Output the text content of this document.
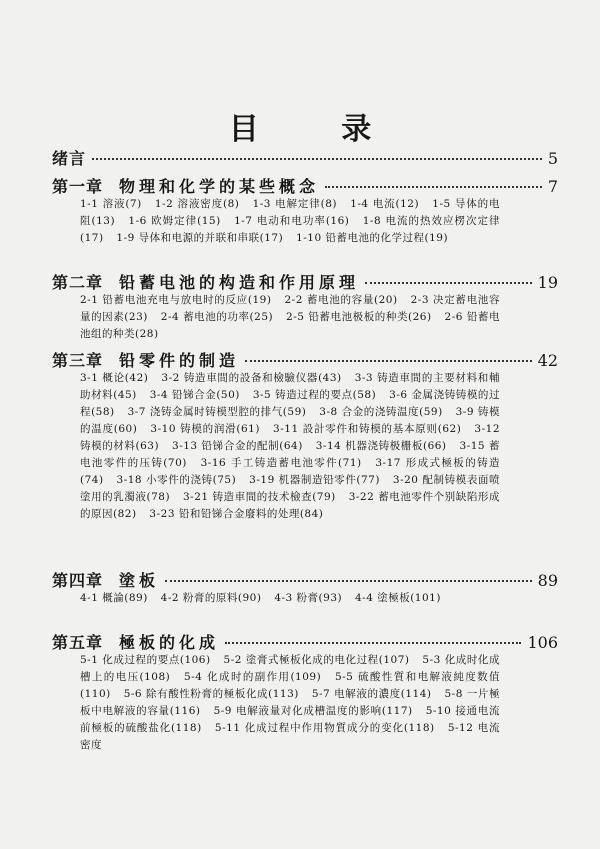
目 录
绪言	5
第一章 物理和化学的某些概念	7
1-1 溶液(7) 1-2 溶液密度(8) 1-3 电解定律(8) 1-4 电流(12) 1-5 导体的电阻(13) 1-6 欧姆定律(15) 1-7 电动和电功率(16) 1-8 电流的热效应楞次定律(17) 1-9 导体和电源的并联和串联(17) 1-10 铅蓄电池的化学过程(19)
第二章 铅蓄电池的构造和作用原理	19
2-1 铅蓄电池充电与放电时的反应(19) 2-2 蓄电池的容量(20) 2-3 决定蓄电池容量的因素(23) 2-4 蓄电池的功率(25) 2-5 铅蓄电池极板的种类(26) 2-6 铅蓄电池组的种类(28)
第三章 铅零件的制造	42
3-1 概论(42) 3-2 铸造車間的設备和檢驗仪器(43) 3-3 铸造車間的主要材料和輔助材料(45) 3-4 铅锑合金(50) 3-5 铸造过程的要点(58) 3-6 金属浇铸铸模的过程(58) 3-7 浇铸金属时铸模型腔的排气(59) 3-8 合金的浇铸温度(59) 3-9 铸模的温度(60) 3-10 铸模的润滑(61) 3-11 設計零件和铸模的基本原则(62) 3-12 铸模的材料(63) 3-13 铅锑合金的配制(64) 3-14 机器浇铸极栅板(66) 3-15 蓄电池零件的压铸(70) 3-16 手工铸造蓄电池零件(71) 3-17 形成式極板的铸造(74) 3-18 小零件的浇铸(75) 3-19 机器制造铅零件(77) 3-20 配制铸模表面喷塗用的乳濁液(78) 3-21 铸造車間的技术檢查(79) 3-22 蓄电池零件个别缺陷形成的原因(82) 3-23 铅和铅锑合金廢料的处理(84)
第四章 塗板	89
4-1 概論(89) 4-2 粉膏的原料(90) 4-3 粉膏(93) 4-4 塗極板(101)
第五章 極板的化成	106
5-1 化成过程的要点(106) 5-2 塗膏式極板化成的电化过程(107) 5-3 化成时化成槽上的电压(108) 5-4 化成时的副作用(109) 5-5 硫酸性質和电解液純度数值(110) 5-6 除有酸性粉膏的極板化成(113) 5-7 电解液的濃度(114) 5-8 一片極板中电解液的容量(116) 5-9 电解液量对化成槽温度的影响(117) 5-10 接通电流前極板的硫酸盐化(118) 5-11 化成过程中作用物質成分的变化(118) 5-12 电流密度
